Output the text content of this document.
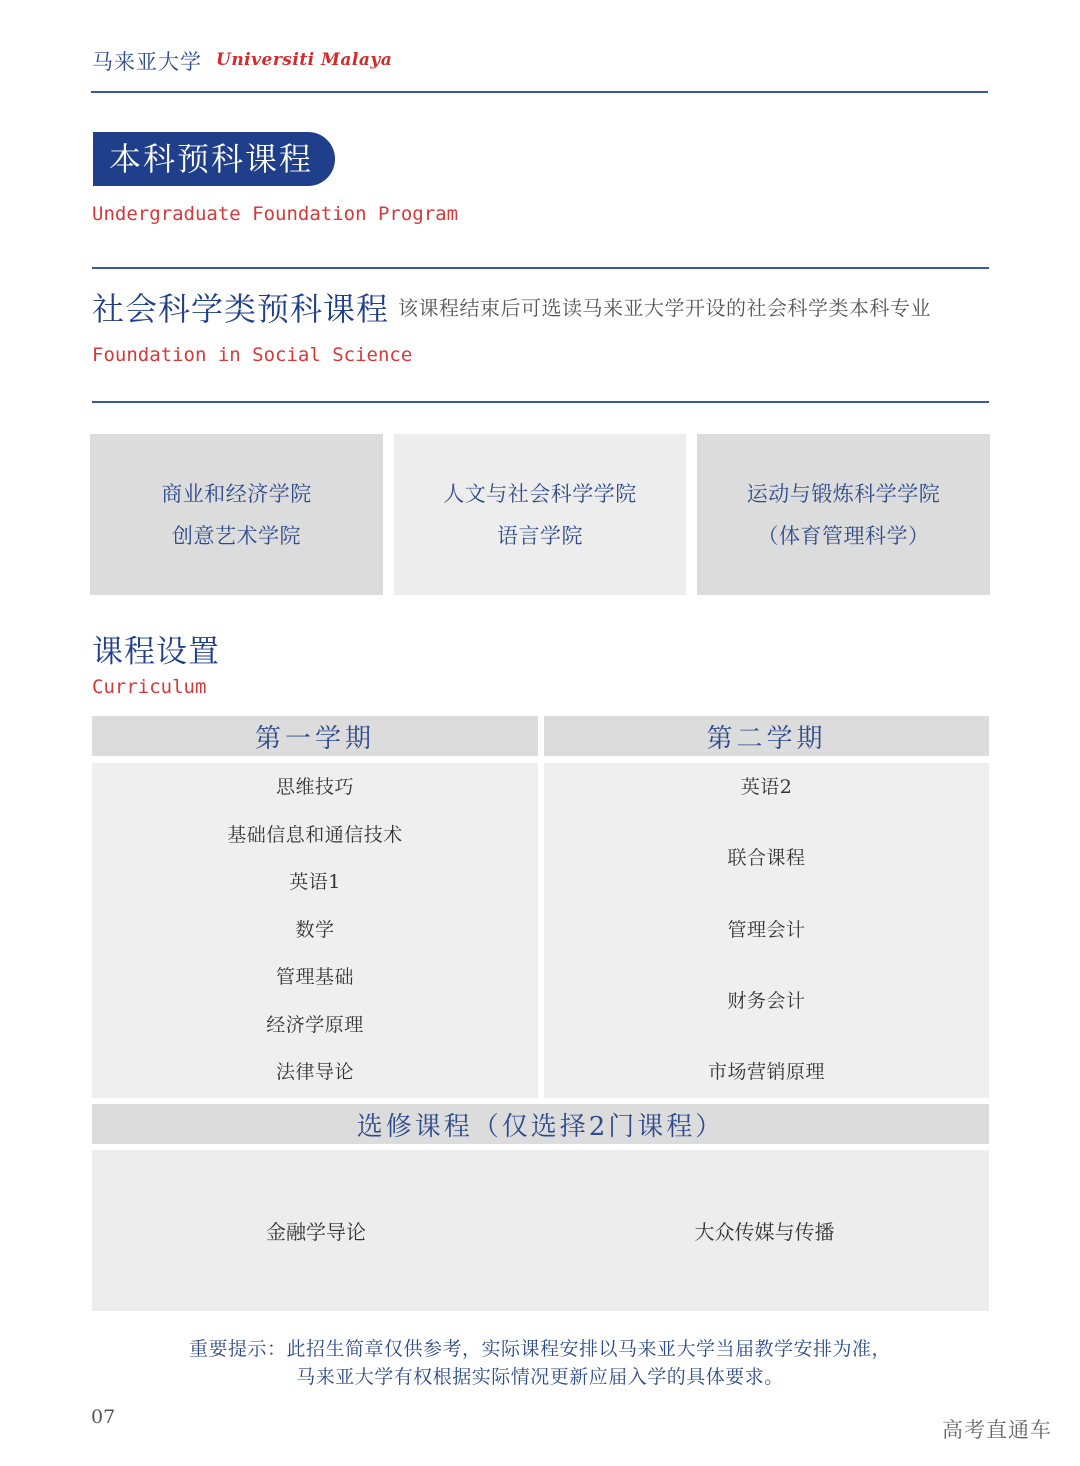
马来亚大学 Universiti Malaya
本科预科课程
Undergraduate Foundation Program
社会科学类预科课程 该课程结束后可选读马来亚大学开设的社会科学类本科专业
Foundation in Social Science
商业和经济学院
创意艺术学院
人文与社会科学学院
语言学院
运动与锻炼科学学院
（体育管理科学）
课程设置
Curriculum
第一学期	第二学期
思维技巧
基础信息和通信技术
英语1
数学
管理基础
经济学原理
法律导论
英语2
联合课程
管理会计
财务会计
市场营销原理
选修课程（仅选择2门课程）
金融学导论	大众传媒与传播
重要提示：此招生简章仅供参考，实际课程安排以马来亚大学当届教学安排为准，
马来亚大学有权根据实际情况更新应届入学的具体要求。
07
高考直通车
